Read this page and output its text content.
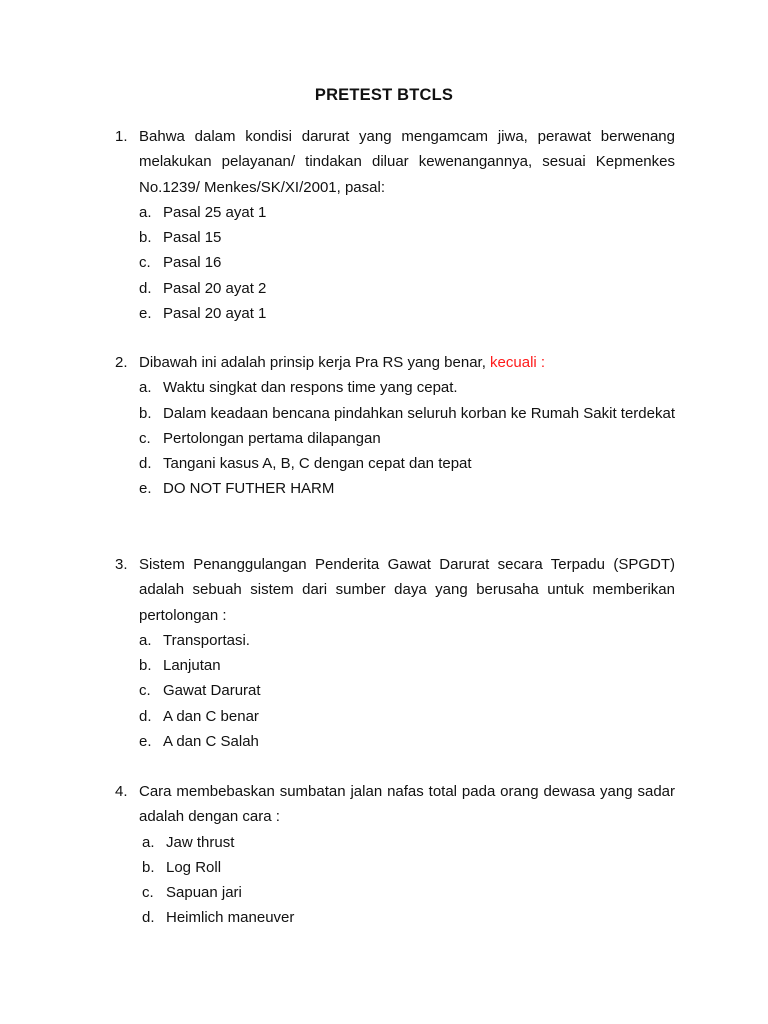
PRETEST BTCLS
1. Bahwa dalam kondisi darurat yang mengamcam jiwa, perawat berwenang melakukan pelayanan/ tindakan diluar kewenangannya, sesuai Kepmenkes No.1239/ Menkes/SK/XI/2001, pasal:
a. Pasal 25 ayat 1
b. Pasal 15
c. Pasal 16
d. Pasal 20 ayat 2
e. Pasal 20 ayat 1
2. Dibawah ini adalah prinsip kerja Pra RS yang benar, kecuali :
a. Waktu singkat dan respons time yang cepat.
b. Dalam keadaan bencana pindahkan seluruh korban ke Rumah Sakit terdekat
c. Pertolongan pertama dilapangan
d. Tangani kasus A, B, C dengan cepat dan tepat
e. DO NOT FUTHER HARM
3. Sistem Penanggulangan Penderita Gawat Darurat secara Terpadu (SPGDT) adalah sebuah sistem dari sumber daya yang berusaha untuk memberikan pertolongan :
a. Transportasi.
b. Lanjutan
c. Gawat Darurat
d. A dan C benar
e. A dan C Salah
4. Cara membebaskan sumbatan jalan nafas total pada orang dewasa yang sadar adalah dengan cara :
a. Jaw thrust
b. Log Roll
c. Sapuan jari
d. Heimlich maneuver
